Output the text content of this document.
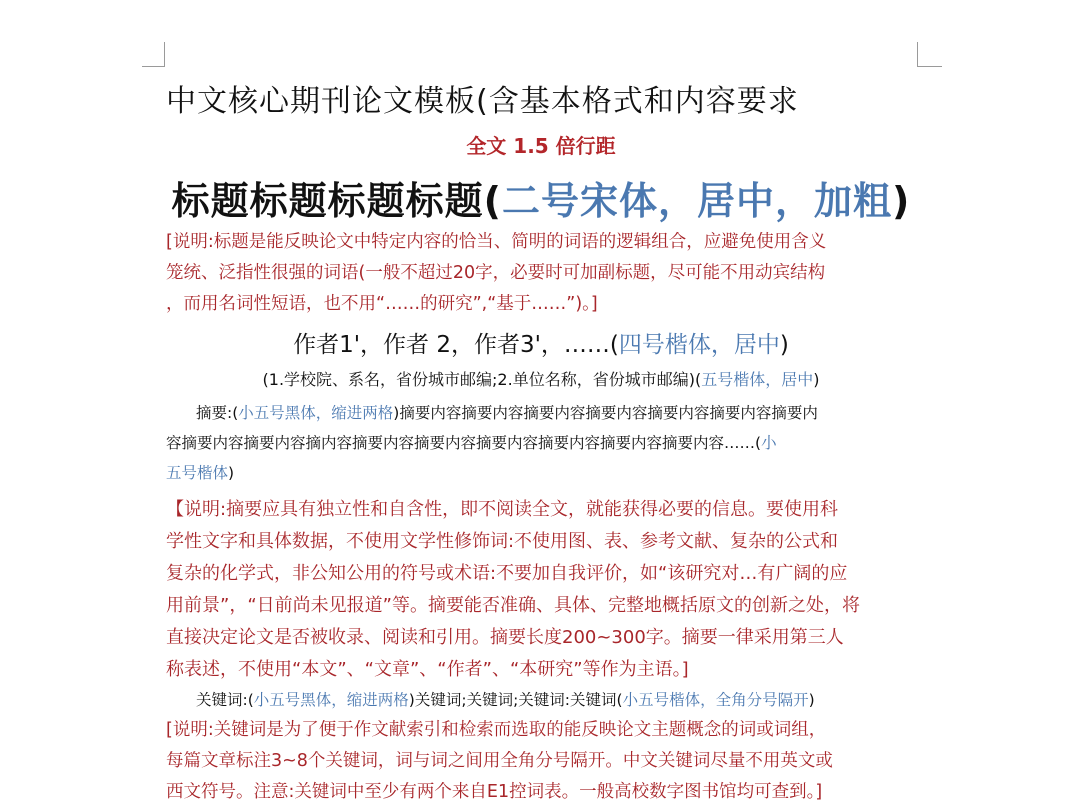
中文核心期刊论文模板(含基本格式和内容要求
全文 1.5 倍行距
标题标题标题标题(二号宋体，居中，加粗)
[说明:标题是能反映论文中特定内容的恰当、简明的词语的逻辑组合，应避免使用含义
笼统、泛指性很强的词语(一般不超过20字，必要时可加副标题，尽可能不用动宾结构
，而用名词性短语，也不用“……的研究”,“基于……”)。]
作者1'，作者 2，作者3'，……(四号楷体，居中)
(1.学校院、系名，省份城市邮编;2.单位名称，省份城市邮编)(五号楷体，居中)
摘要:(小五号黑体，缩进两格)摘要内容摘要内容摘要内容摘要内容摘要内容摘要内容摘要内
容摘要内容摘要内容摘内容摘要内容摘要内容摘要内容摘要内容摘要内容摘要内容……(小
五号楷体)
【说明:摘要应具有独立性和自含性，即不阅读全文，就能获得必要的信息。要使用科
学性文字和具体数据，不使用文学性修饰词:不使用图、表、参考文献、复杂的公式和
复杂的化学式，非公知公用的符号或术语:不要加自我评价，如“该研究对…有广阔的应
用前景”，“日前尚未见报道”等。摘要能否准确、具体、完整地概括原文的创新之处，将
直接决定论文是否被收录、阅读和引用。摘要长度200~300字。摘要一律采用第三人
称表述，不使用“本文”、“文章”、“作者”、“本研究”等作为主语。]
关键词:(小五号黑体，缩进两格)关键词;关键词;关键词:关键词(小五号楷体，全角分号隔开)
[说明:关键词是为了便于作文献索引和检索而选取的能反映论文主题概念的词或词组，
每篇文章标注3~8个关键词，词与词之间用全角分号隔开。中文关键词尽量不用英文或
西文符号。注意:关键词中至少有两个来自E1控词表。一般高校数字图书馆均可查到。]
